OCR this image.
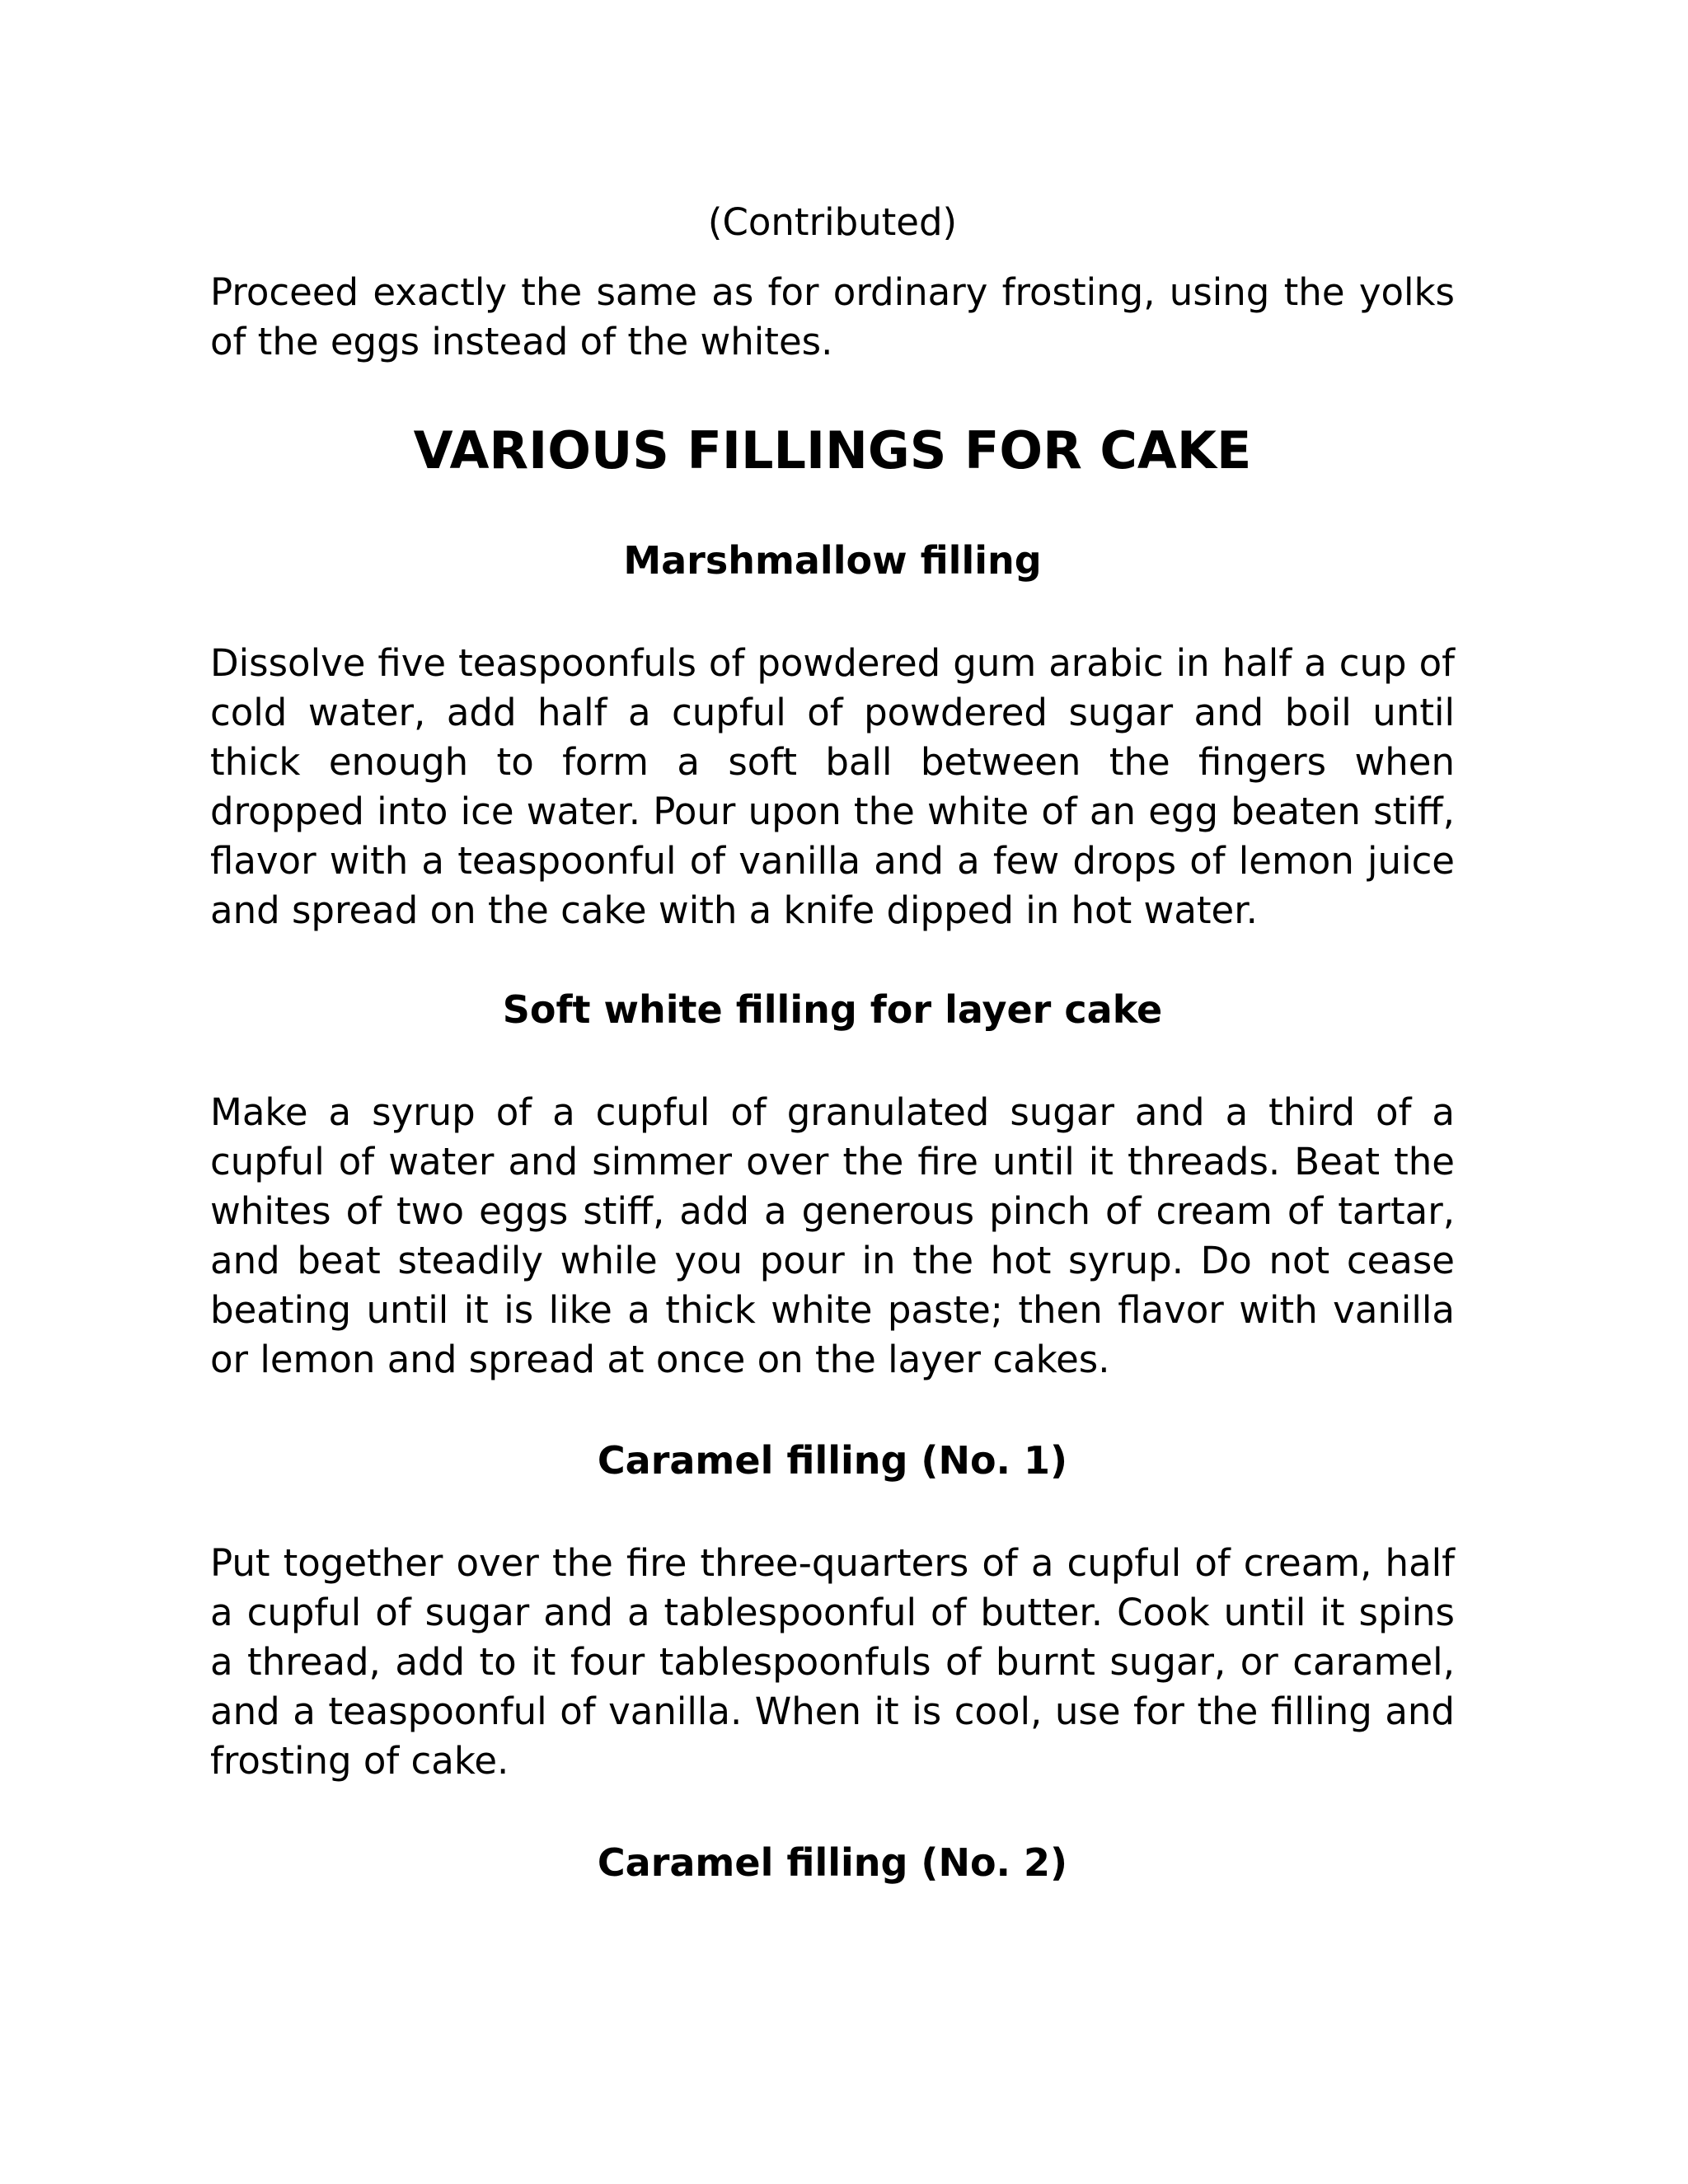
(Contributed)

Proceed exactly the same as for ordinary frosting, using the yolks of the eggs instead of the whites.

VARIOUS FILLINGS FOR CAKE
Marshmallow filling

Dissolve five teaspoonfuls of powdered gum arabic in half a cup of cold water, add half a cupful of powdered sugar and boil until thick enough to form a soft ball between the fingers when dropped into ice water. Pour upon the white of an egg beaten stiff, flavor with a teaspoonful of vanilla and a few drops of lemon juice and spread on the cake with a knife dipped in hot water.

Soft white filling for layer cake

Make a syrup of a cupful of granulated sugar and a third of a cupful of water and simmer over the fire until it threads. Beat the whites of two eggs stiff, add a generous pinch of cream of tartar, and beat steadily while you pour in the hot syrup. Do not cease beating until it is like a thick white paste; then flavor with vanilla or lemon and spread at once on the layer cakes.

Caramel filling (No. 1)

Put together over the fire three-quarters of a cupful of cream, half a cupful of sugar and a tablespoonful of butter. Cook until it spins a thread, add to it four tablespoonfuls of burnt sugar, or caramel, and a teaspoonful of vanilla. When it is cool, use for the filling and frosting of cake.

Caramel filling (No. 2)
